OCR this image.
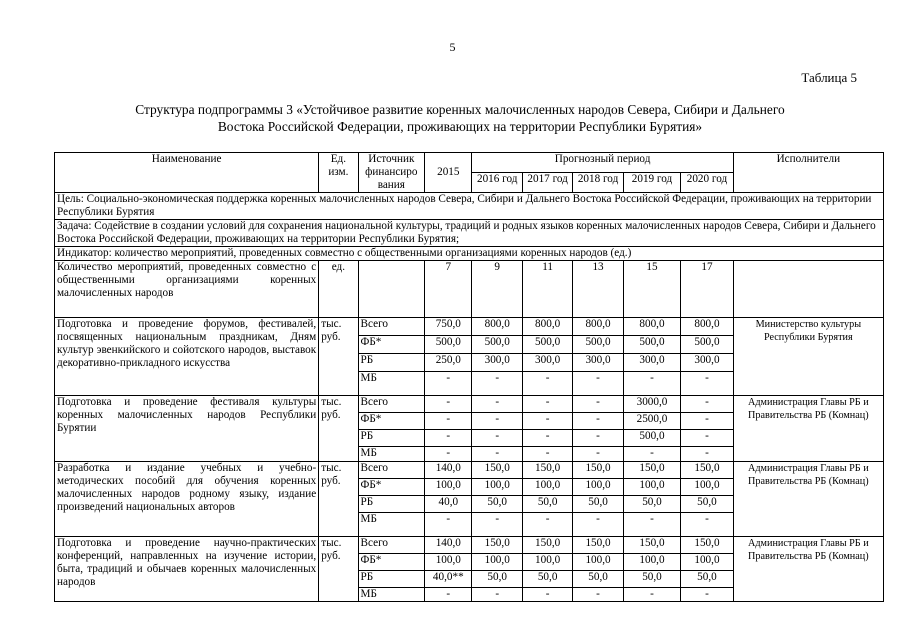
5
Таблица 5
Структура подпрограммы 3 «Устойчивое развитие коренных малочисленных народов Севера, Сибири и Дальнего
Востока Российской Федерации, проживающих на территории Республики Бурятия»
Наименование	Ед. изм.	Источник финансиро вания	2015	Прогнозный период					Исполнители
				2016 год	2017 год	2018 год	2019 год	2020 год	
Цель: Социально-экономическая поддержка коренных малочисленных народов Севера, Сибири и Дальнего Востока Российской Федерации, проживающих на территории Республики Бурятия									
Задача: Содействие в создании условий для сохранения национальной культуры, традиций и родных языков коренных малочисленных народов Севера, Сибири и Дальнего Востока Российской Федерации, проживающих на территории Республики Бурятия;									
Индикатор: количество мероприятий, проведенных совместно с общественными организациями коренных народов (ед.)									
Количество мероприятий, проведенных совместно с общественными организациями коренных малочисленных народов	ед.		7	9	11	13	15	17	
Подготовка и проведение форумов, фестивалей, посвященных национальным праздникам, Дням культур эвенкийского и сойотского народов, выставок декоративно-прикладного искусства	тыс. руб.	Всего	750,0	800,0	800,0	800,0	800,0	800,0	Министерство культуры Республики Бурятия
		ФБ*	500,0	500,0	500,0	500,0	500,0	500,0	
		РБ	250,0	300,0	300,0	300,0	300,0	300,0	
		МБ	-	-	-	-	-	-	
Подготовка и проведение фестиваля культуры коренных малочисленных народов Республики Бурятии	тыс. руб.	Всего	-	-	-	-	3000,0	-	Администрация Главы РБ и Правительства РБ (Комнац)
		ФБ*	-	-	-	-	2500,0	-	
		РБ	-	-	-	-	500,0	-	
		МБ	-	-	-	-	-	-	
Разработка и издание учебных и учебно-методических пособий для обучения коренных малочисленных народов родному языку, издание произведений национальных авторов	тыс. руб.	Всего	140,0	150,0	150,0	150,0	150,0	150,0	Администрация Главы РБ и Правительства РБ (Комнац)
		ФБ*	100,0	100,0	100,0	100,0	100,0	100,0	
		РБ	40,0	50,0	50,0	50,0	50,0	50,0	
		МБ	-	-	-	-	-	-	
Подготовка и проведение научно-практических конференций, направленных на изучение истории, быта, традиций и обычаев коренных малочисленных народов	тыс. руб.	Всего	140,0	150,0	150,0	150,0	150,0	150,0	Администрация Главы РБ и Правительства РБ (Комнац)
		ФБ*	100,0	100,0	100,0	100,0	100,0	100,0	
		РБ	40,0**	50,0	50,0	50,0	50,0	50,0	
		МБ	-	-	-	-	-	-	
